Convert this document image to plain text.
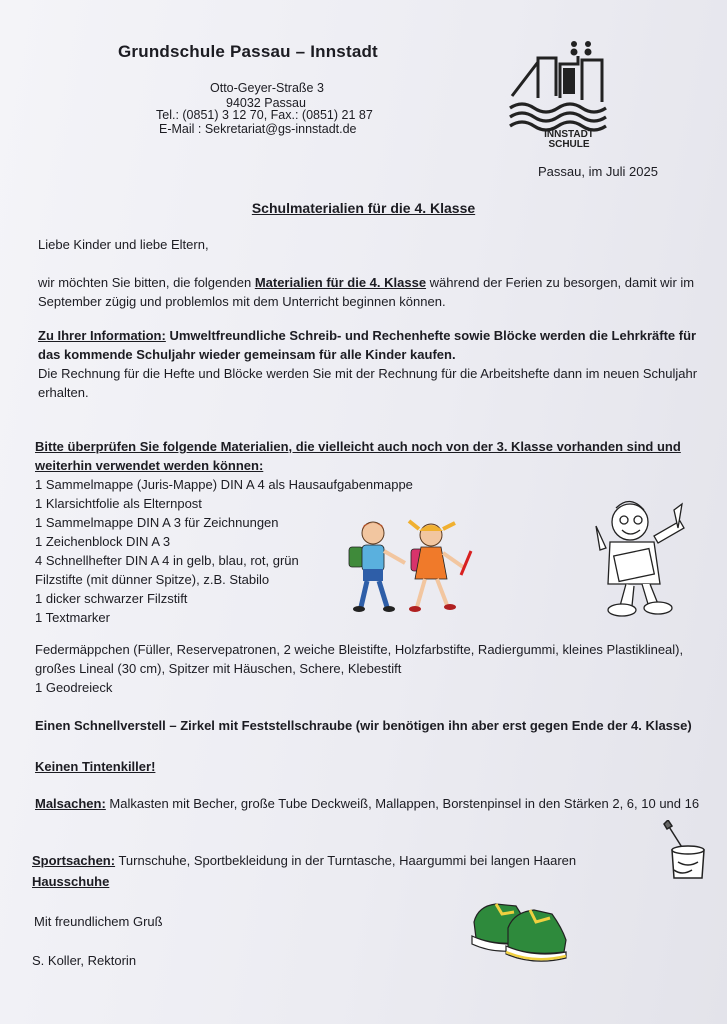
Grundschule Passau – Innstadt
Otto-Geyer-Straße 3
94032 Passau
Tel.: (0851) 3 12 70, Fax.: (0851) 21 87
E-Mail : Sekretariat@gs-innstadt.de	INNSTADT
SCHULE
Passau, im Juli 2025
Schulmaterialien für die 4. Klasse
Liebe Kinder und liebe Eltern,
wir möchten Sie bitten, die folgenden Materialien für die 4. Klasse während der Ferien zu besorgen, damit wir im September zügig und problemlos mit dem Unterricht beginnen können.
Zu Ihrer Information: Umweltfreundliche Schreib- und Rechenhefte sowie Blöcke werden die Lehrkräfte für das kommende Schuljahr wieder gemeinsam für alle Kinder kaufen.
Die Rechnung für die Hefte und Blöcke werden Sie mit der Rechnung für die Arbeitshefte dann im neuen Schuljahr erhalten.
Bitte überprüfen Sie folgende Materialien, die vielleicht auch noch von der 3. Klasse vorhanden sind und weiterhin verwendet werden können:
1 Sammelmappe (Juris-Mappe) DIN A 4 als Hausaufgabenmappe
1 Klarsichtfolie als Elternpost
1 Sammelmappe DIN A 3 für Zeichnungen
1 Zeichenblock DIN A 3
4 Schnellhefter DIN A 4 in gelb, blau, rot, grün
Filzstifte (mit dünner Spitze), z.B. Stabilo
1 dicker schwarzer Filzstift
1 Textmarker
Federmäppchen (Füller, Reservepatronen, 2 weiche Bleistifte, Holzfarbstifte, Radiergummi, kleines Plastiklineal),
großes Lineal (30 cm), Spitzer mit Häuschen, Schere, Klebestift
1 Geodreieck
Einen Schnellverstell – Zirkel mit Feststellschraube (wir benötigen ihn aber erst gegen Ende der 4. Klasse)
Keinen Tintenkiller!
Malsachen: Malkasten mit Becher, große Tube Deckweiß, Mallappen, Borstenpinsel in den Stärken 2, 6, 10 und 16
Sportsachen: Turnschuhe, Sportbekleidung in der Turntasche, Haargummi bei langen Haaren
Hausschuhe
Mit freundlichem Gruß
S. Koller, Rektorin
